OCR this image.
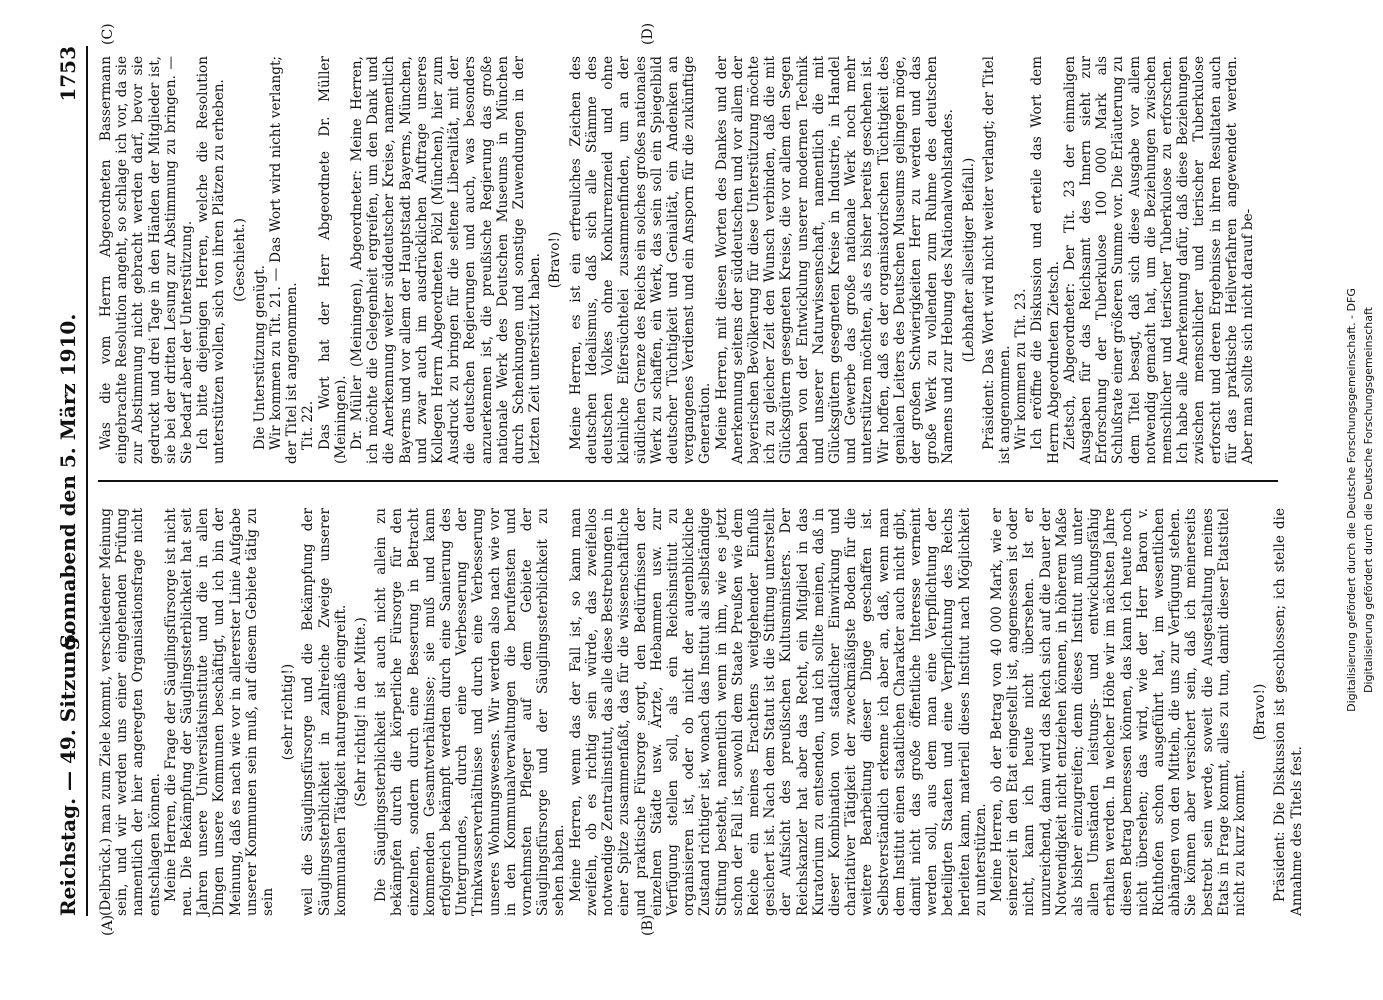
Reichstag. — 49. Sitzung.
Sonnabend den 5. März 1910.
1753
(A)	(B)
(C)	(D)

(Delbrück.) man zum Ziele kommt, verschiedener Meinung sein, und wir werden uns einer eingehenden Prüfung namentlich der hier angeregten Organisationsfrage nicht entschlagen können. Meine Herren, die Frage der Säuglingsfürsorge ist nicht neu. Die Bekämpfung der Säuglingssterblichkeit hat seit Jahren unsere Universitätsinstitute und die in allen Dingen unsere Kommunen beschäftigt, und ich bin der Meinung, daß es nach wie vor in allererster Linie Aufgabe unserer Kommunen sein muß, auf diesem Gebiete tätig zu sein

(sehr richtig!) weil die Säuglingsfürsorge und die Bekämpfung der Säuglingssterblichkeit in zahlreiche Zweige unserer kommunalen Tätigkeit naturgemäß eingreift. (Sehr richtig! in der Mitte.) Die Säuglingssterblichkeit ist auch nicht allein zu bekämpfen durch die körperliche Fürsorge für den einzelnen, sondern durch eine Besserung in Betracht kommenden Gesamtverhältnisse; sie muß und kann erfolgreich bekämpft werden durch eine Sanierung des Untergrundes, durch eine Verbesserung der Trinkwasserverhältnisse und durch eine Verbesserung unseres Wohnungswesens. Wir werden also nach wie vor in den Kommunalverwaltungen die berufensten und vornehmsten Pfleger auf dem Gebiete der Säuglingsfürsorge und der Säuglingssterblichkeit zu sehen haben. Meine Herren, wenn das der Fall ist, so kann man zweifeln, ob es richtig sein würde, das zweifellos notwendige Zentralinstitut, das alle diese Bestrebungen in einer Spitze zusammenfaßt, das für die wissenschaftliche und praktische Fürsorge sorgt, den Bedürfnissen der einzelnen Städte usw. Ärzte, Hebammen usw. zur Verfügung stellen soll, als ein Reichsinstitut zu organisieren ist, oder ob nicht der augenblickliche Zustand richtiger ist, wonach das Institut als selbständige Stiftung besteht, namentlich wenn in ihm, wie es jetzt schon der Fall ist, sowohl dem Staate Preußen wie dem Reiche ein meines Erachtens weitgehender Einfluß gesichert ist. Nach dem Statut ist die Stiftung unterstellt der Aufsicht des preußischen Kultusministers. Der Reichskanzler hat aber das Recht, ein Mitglied in das Kuratorium zu entsenden, und ich sollte meinen, daß in dieser Kombination von staatlicher Einwirkung und charitativer Tätigkeit der zweckmäßigste Boden für die weitere Bearbeitung dieser Dinge geschaffen ist. Selbstverständlich erkenne ich aber an, daß, wenn man dem Institut einen staatlichen Charakter auch nicht gibt, damit nicht das große öffentliche Interesse verneint werden soll, aus dem man eine Verpflichtung der beteiligten Staaten und eine Verpflichtung des Reichs herleiten kann, materiell dieses Institut nach Möglichkeit zu unterstützen. Meine Herren, ob der Betrag von 40 000 Mark, wie er seinerzeit in den Etat eingestellt ist, angemessen ist oder nicht, kann ich heute nicht übersehen. Ist er unzureichend, dann wird das Reich sich auf die Dauer der Notwendigkeit nicht entziehen können, in höherem Maße als bisher einzugreifen; denn dieses Institut muß unter allen Umständen leistungs- und entwicklungsfähig erhalten werden. In welcher Höhe wir im nächsten Jahre diesen Betrag bemessen können, das kann ich heute noch nicht übersehen; das wird, wie der Herr Baron v. Richthofen schon ausgeführt hat, im wesentlichen abhängen von den Mitteln, die uns zur Verfügung stehen. Sie können aber versichert sein, daß ich meinerseits bestrebt sein werde, soweit die Ausgestaltung meines Etats in Frage kommt, alles zu tun, damit dieser Etatstitel nicht zu kurz kommt.

(Bravo!) Präsident: Die Diskussion ist geschlossen; ich stelle die Annahme des Titels fest.

Was die vom Herrn Abgeordneten Bassermann eingebrachte Resolution angeht, so schlage ich vor, da sie zur Abstimmung nicht gebracht werden darf, bevor sie gedruckt und drei Tage in den Händen der Mitglieder ist, sie bei der dritten Lesung zur Abstimmung zu bringen. — Sie bedarf aber der Unterstützung. Ich bitte diejenigen Herren, welche die Resolution unterstützen wollen, sich von ihren Plätzen zu erheben. (Geschieht.)

Die Unterstützung genügt. Wir kommen zu Tit. 21. — Das Wort wird nicht verlangt; der Titel ist angenommen. Tit. 22. Das Wort hat der Herr Abgeordnete Dr. Müller (Meiningen). Dr. Müller (Meiningen), Abgeordneter: Meine Herren, ich möchte die Gelegenheit ergreifen, um den Dank und die Anerkennung weiter süddeutscher Kreise, namentlich Bayerns und vor allem der Hauptstadt Bayerns, München, und zwar auch im ausdrücklichen Auftrage unseres Kollegen Herrn Abgeordneten Pölzl (München), hier zum Ausdruck zu bringen für die seltene Liberalität, mit der die deutschen Regierungen und auch, was besonders anzuerkennen ist, die preußische Regierung das große nationale Werk des Deutschen Museums in München durch Schenkungen und sonstige Zuwendungen in der letzten Zeit unterstützt haben. (Bravo!) Meine Herren, es ist ein erfreuliches Zeichen des deutschen Idealismus, daß sich alle Stämme des deutschen Volkes ohne Konkurrenzneid und ohne kleinliche Eifersüchtelei zusammenfinden, um an der südlichen Grenze des Reichs ein solches großes nationales Werk zu schaffen, ein Werk, das sein soll ein Spiegelbild deutscher Tüchtigkeit und Genialität, ein Andenken an vergangenes Verdienst und ein Ansporn für die zukünftige Generation. Meine Herren, mit diesen Worten des Dankes und der Anerkennung seitens der süddeutschen und vor allem der bayerischen Bevölkerung für diese Unterstützung möchte ich zu gleicher Zeit den Wunsch verbinden, daß die mit Glücksgütern gesegneten Kreise, die vor allem den Segen haben von der Entwicklung unserer modernen Technik und unserer Naturwissenschaft, namentlich die mit Glücksgütern gesegneten Kreise in Industrie, in Handel und Gewerbe das große nationale Werk noch mehr unterstützen möchten, als es bisher bereits geschehen ist. Wir hoffen, daß es der organisatorischen Tüchtigkeit des genialen Leiters des Deutschen Museums gelingen möge, der großen Schwierigkeiten Herr zu werden und das große Werk zu vollenden zum Ruhme des deutschen Namens und zur Hebung des Nationalwohlstandes. (Lebhafter allseitiger Beifall.) Präsident: Das Wort wird nicht weiter verlangt; der Titel ist angenommen. Wir kommen zu Tit. 23. Ich eröffne die Diskussion und erteile das Wort dem Herrn Abgeordneten Zietsch. Zietsch, Abgeordneter: Der Tit. 23 der einmaligen Ausgaben für das Reichsamt des Innern sieht zur Erforschung der Tuberkulose 100 000 Mark als Schlußrate einer größeren Summe vor. Die Erläuterung zu dem Titel besagt, daß sich diese Ausgabe vor allem notwendig gemacht hat, um die Beziehungen zwischen menschlicher und tierischer Tuberkulose zu erforschen. Ich habe alle Anerkennung dafür, daß diese Beziehungen zwischen menschlicher und tierischer Tuberkulose erforscht und deren Ergebnisse in ihren Resultaten auch für das praktische Heilverfahren angewendet werden. Aber man sollte sich nicht darauf be-	Digitalisierung gefördert durch die Deutsche Forschungsgemeinschaft. - DFG Digitalisierung gefördert durch die Deutsche Forschungsgemeinschaft
